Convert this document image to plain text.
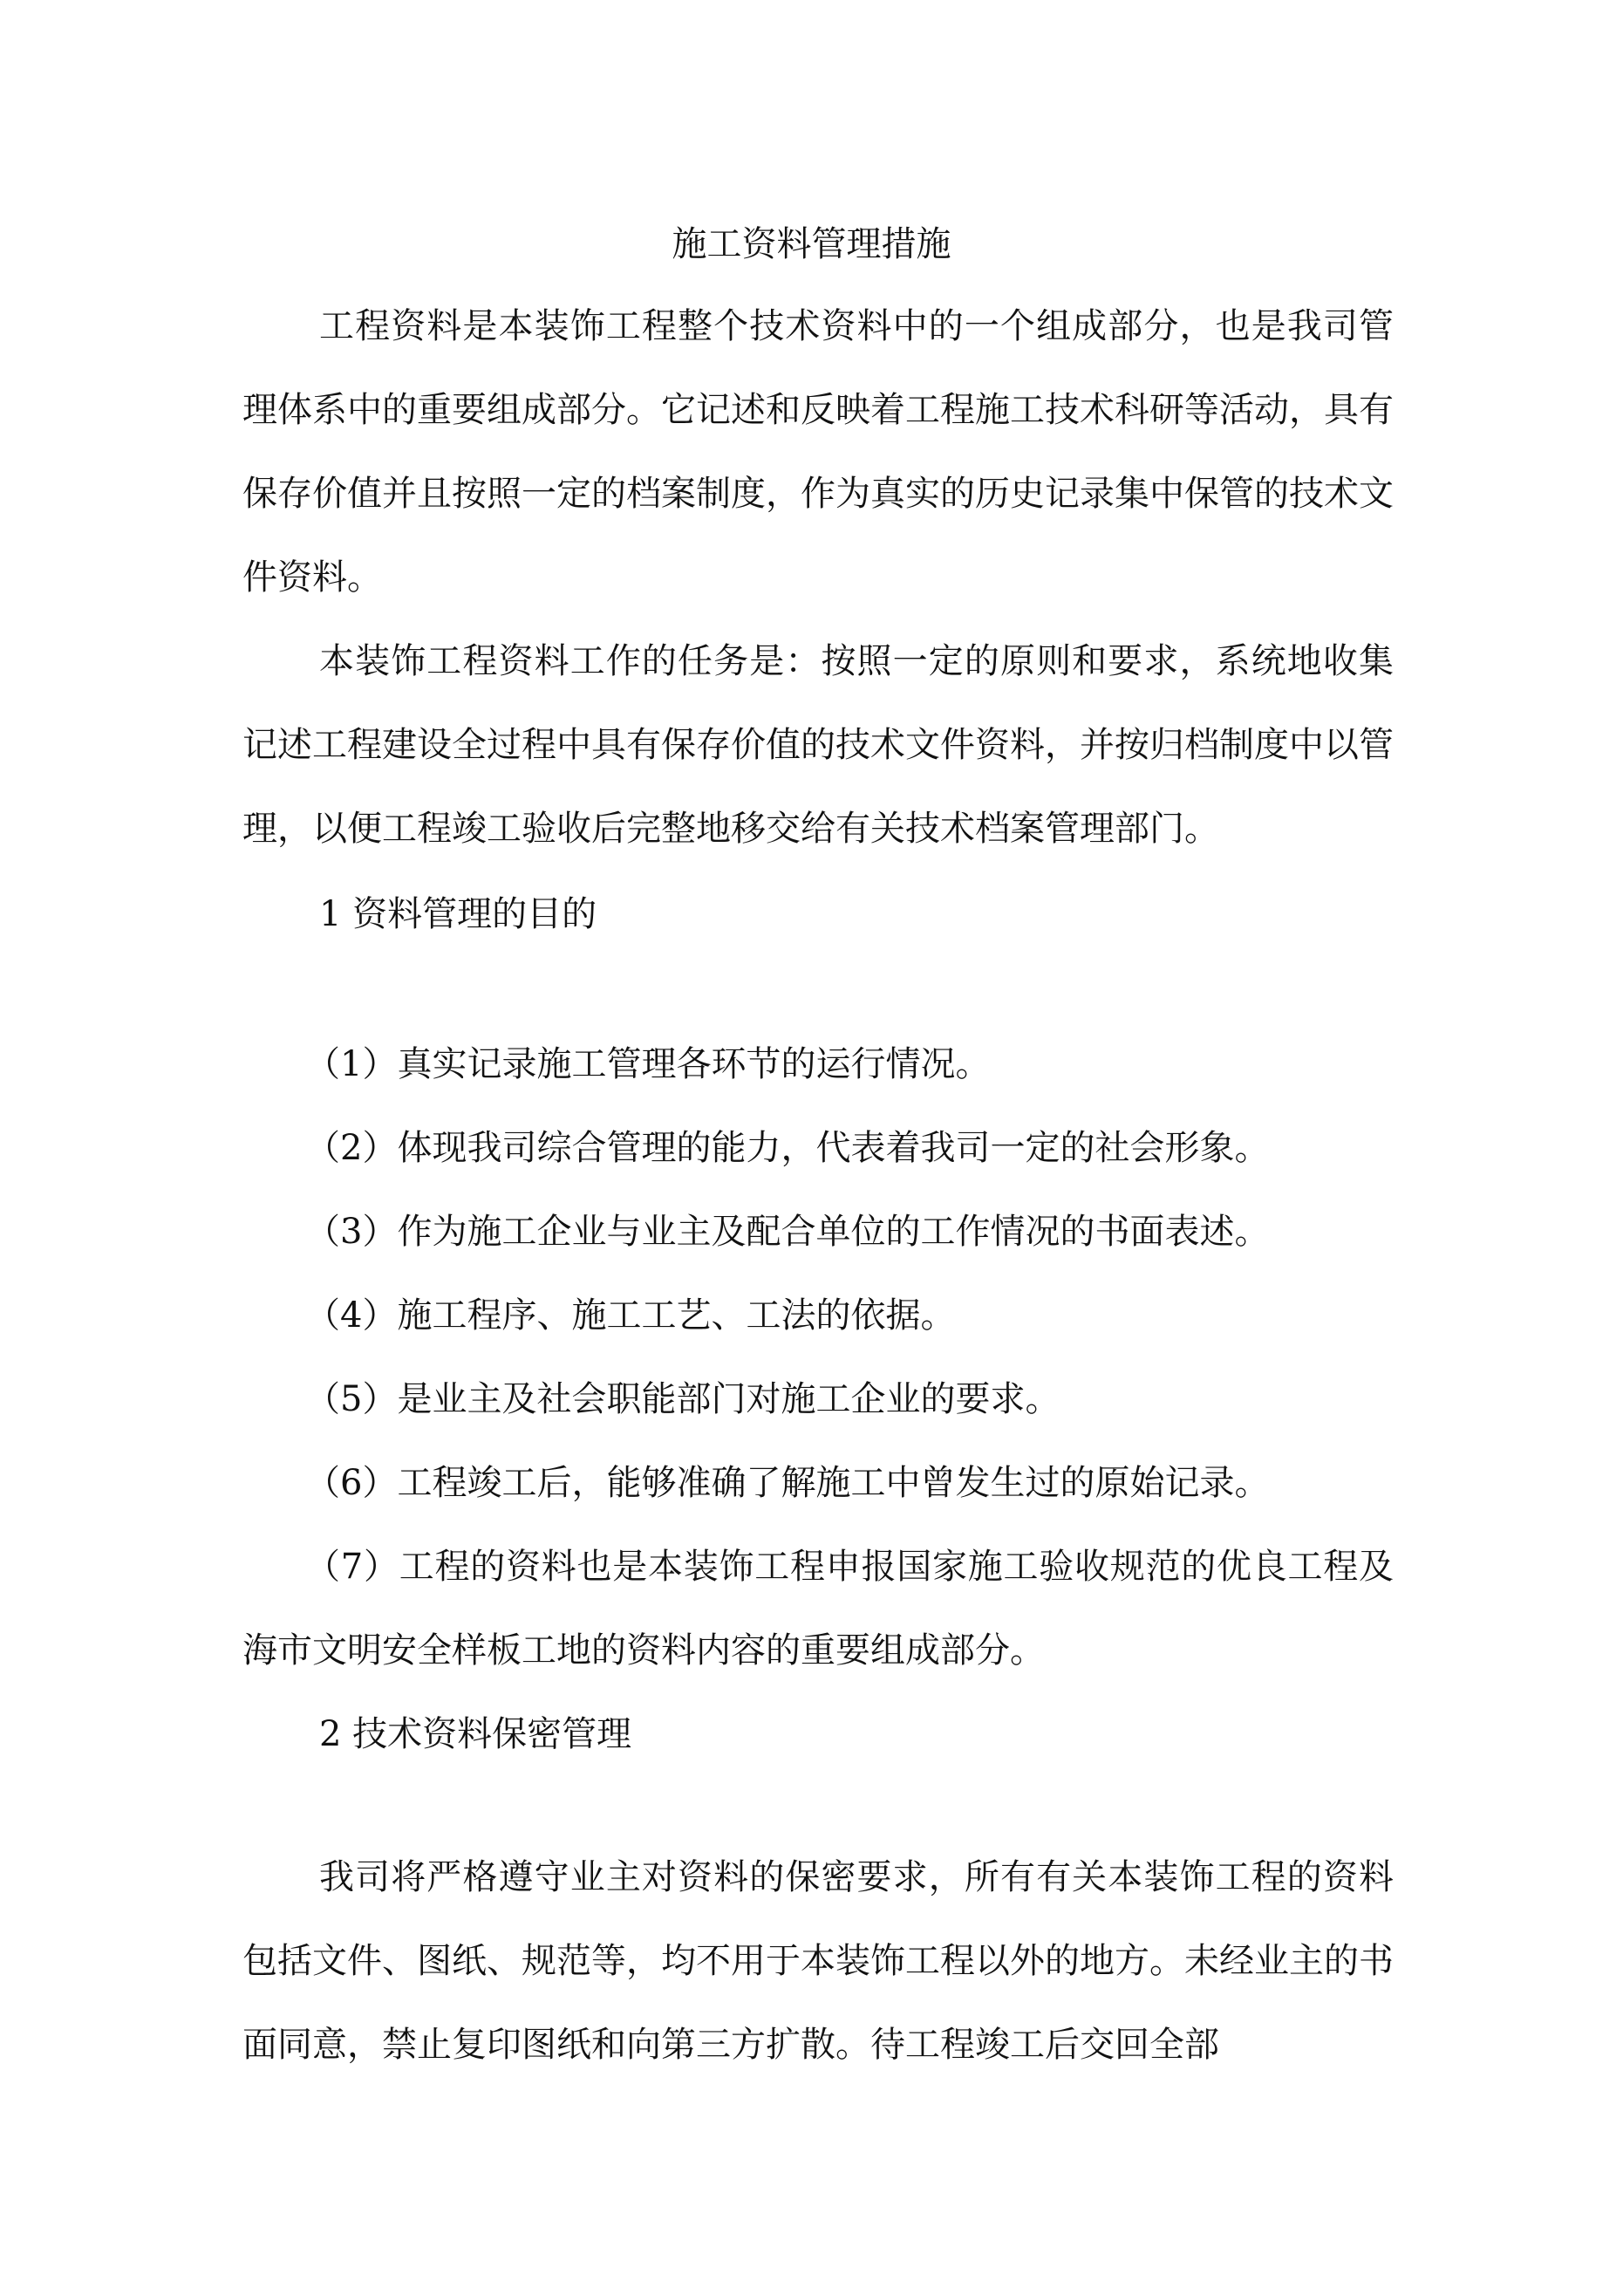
施工资料管理措施

工程资料是本装饰工程整个技术资料中的一个组成部分，也是我司管理体系中的重要组成部分。它记述和反映着工程施工技术科研等活动，具有保存价值并且按照一定的档案制度，作为真实的历史记录集中保管的技术文件资料。

本装饰工程资料工作的任务是：按照一定的原则和要求，系统地收集记述工程建设全过程中具有保存价值的技术文件资料，并按归档制度中以管理，以便工程竣工验收后完整地移交给有关技术档案管理部门。

1 资料管理的目的

（1）真实记录施工管理各环节的运行情况。

（2）体现我司综合管理的能力，代表着我司一定的社会形象。

（3）作为施工企业与业主及配合单位的工作情况的书面表述。

（4）施工程序、施工工艺、工法的依据。

（5）是业主及社会职能部门对施工企业的要求。

（6）工程竣工后，能够准确了解施工中曾发生过的原始记录。

（7）工程的资料也是本装饰工程申报国家施工验收规范的优良工程及海市文明安全样板工地的资料内容的重要组成部分。

2 技术资料保密管理

我司将严格遵守业主对资料的保密要求，所有有关本装饰工程的资料包括文件、图纸、规范等，均不用于本装饰工程以外的地方。未经业主的书面同意，禁止复印图纸和向第三方扩散。待工程竣工后交回全部
